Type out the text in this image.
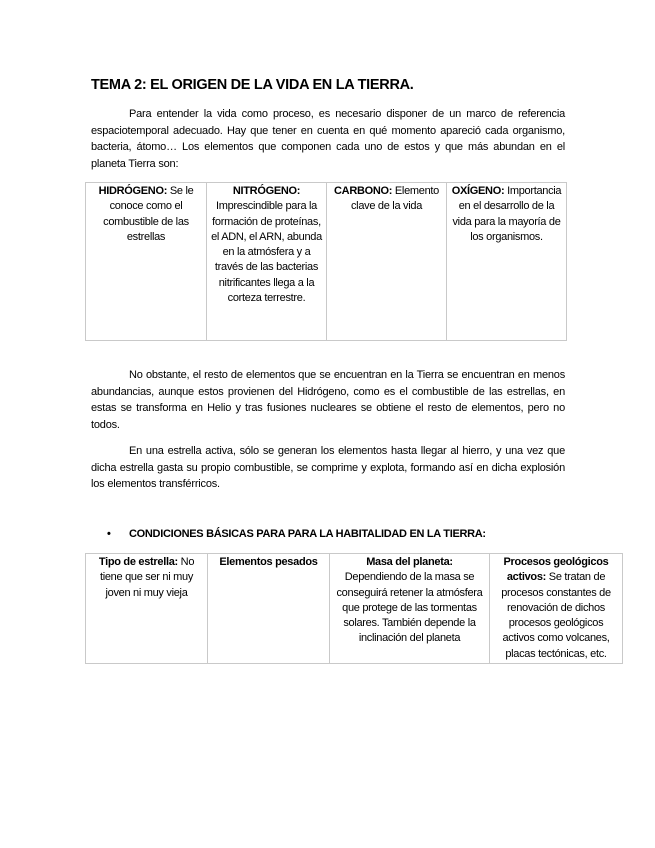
TEMA 2: EL ORIGEN DE LA VIDA EN LA TIERRA.

Para entender la vida como proceso, es necesario disponer de un marco de referencia espaciotemporal adecuado. Hay que tener en cuenta en qué momento apareció cada organismo, bacteria, átomo… Los elementos que componen cada uno de estos y que más abundan en el planeta Tierra son:

HIDRÓGENO: Se le conoce como el combustible de las estrellas	NITRÓGENO: Imprescindible para la formación de proteínas, el ADN, el ARN, abunda en la atmósfera y a través de las bacterias nitrificantes llega a la corteza terrestre.	CARBONO: Elemento clave de la vida	OXÍGENO: Importancia en el desarrollo de la vida para la mayoría de los organismos.

No obstante, el resto de elementos que se encuentran en la Tierra se encuentran en menos abundancias, aunque estos provienen del Hidrógeno, como es el combustible de las estrellas, en estas se transforma en Helio y tras fusiones nucleares se obtiene el resto de elementos, pero no todos.

En una estrella activa, sólo se generan los elementos hasta llegar al hierro, y una vez que dicha estrella gasta su propio combustible, se comprime y explota, formando así en dicha explosión los elementos transférricos.

• CONDICIONES BÁSICAS PARA PARA LA HABITALIDAD EN LA TIERRA:
Tipo de estrella: No tiene que ser ni muy joven ni muy vieja	Elementos pesados	Masa del planeta: Dependiendo de la masa se conseguirá retener la atmósfera que protege de las tormentas solares. También depende la inclinación del planeta	Procesos geológicos activos: Se tratan de procesos constantes de renovación de dichos procesos geológicos activos como volcanes, placas tectónicas, etc.
